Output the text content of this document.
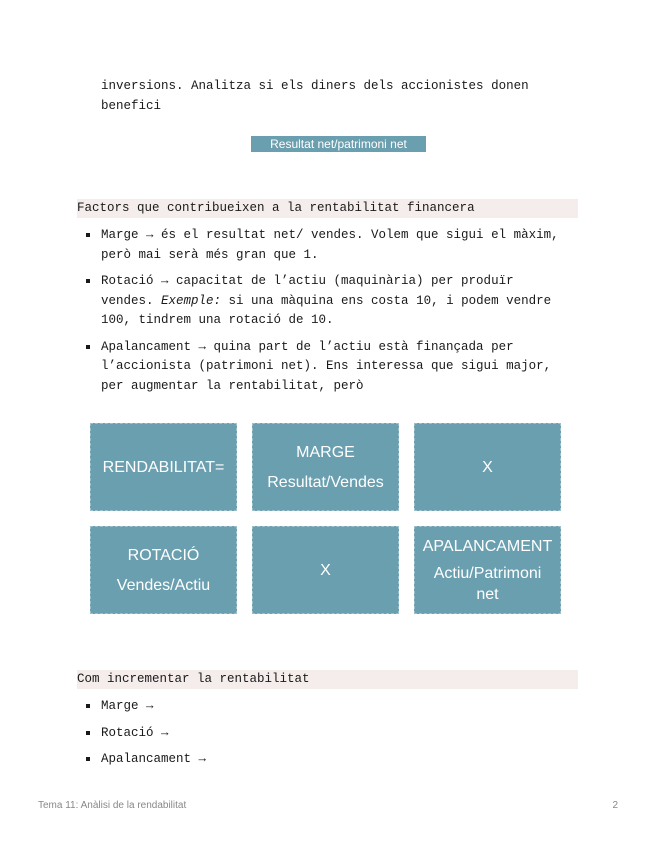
inversions. Analitza si els diners dels accionistes donen
benefici
Resultat net/patrimoni net
Factors que contribueixen a la rentabilitat financera
Marge → és el resultat net/ vendes. Volem que sigui el màxim,
però mai serà més gran que 1.
Rotació → capacitat de l’actiu (maquinària) per produïr
vendes. Exemple: si una màquina ens costa 10, i podem vendre
100, tindrem una rotació de 10.
Apalancament → quina part de l’actiu està finançada per
l’accionista (patrimoni net). Ens interessa que sigui major,
per augmentar la rentabilitat, però
RENDABILITAT=
MARGE
Resultat/Vendes
X
ROTACIÓ
Vendes/Actiu
X
APALANCAMENT
Actiu/Patrimoni net
Com incrementar la rentabilitat
Marge →
Rotació →
Apalancament →
Tema 11: Anàlisi de la rendabilitat	2
